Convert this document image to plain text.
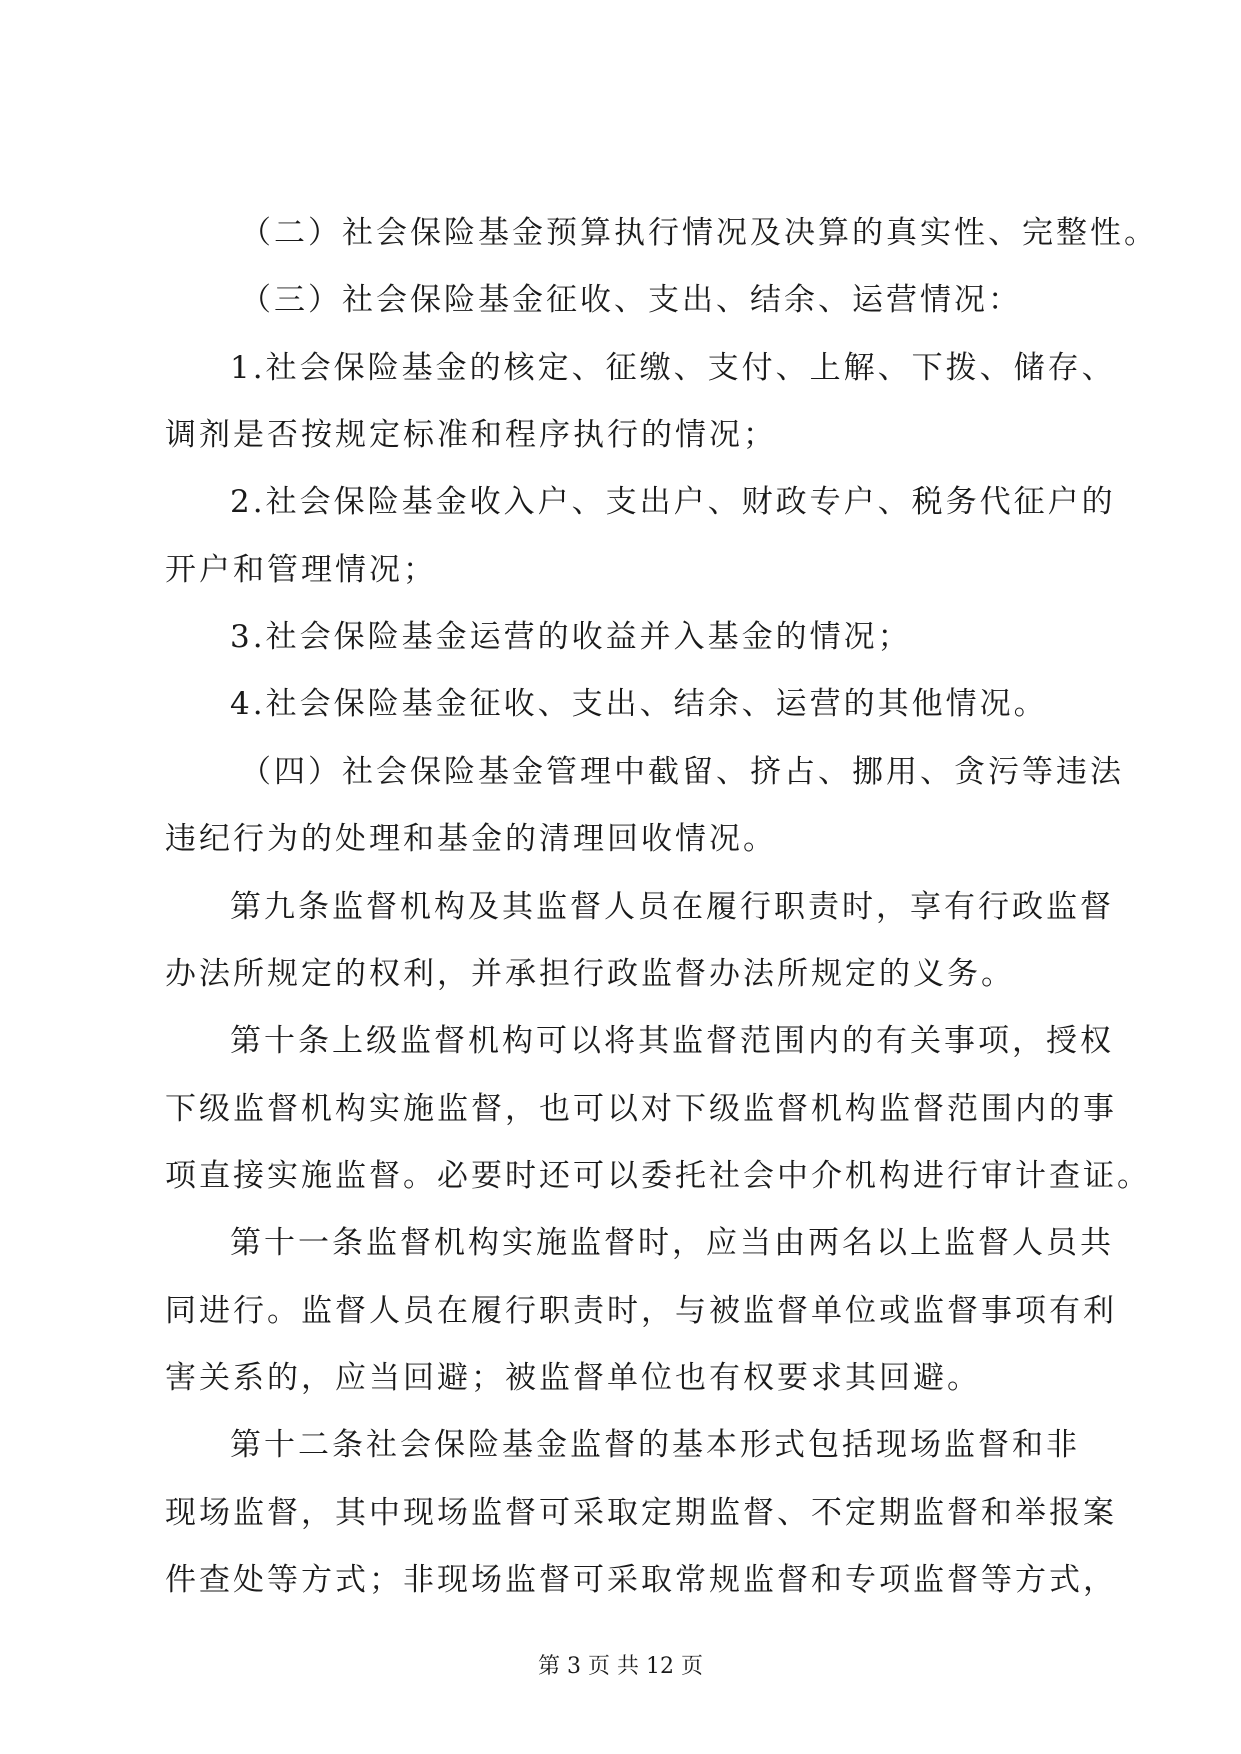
（二）社会保险基金预算执行情况及决算的真实性、完整性。
（三）社会保险基金征收、支出、结余、运营情况：
1.社会保险基金的核定、征缴、支付、上解、下拨、储存、
调剂是否按规定标准和程序执行的情况；
2.社会保险基金收入户、支出户、财政专户、税务代征户的
开户和管理情况；
3.社会保险基金运营的收益并入基金的情况；
4.社会保险基金征收、支出、结余、运营的其他情况。
（四）社会保险基金管理中截留、挤占、挪用、贪污等违法
违纪行为的处理和基金的清理回收情况。
第九条监督机构及其监督人员在履行职责时，享有行政监督
办法所规定的权利，并承担行政监督办法所规定的义务。
第十条上级监督机构可以将其监督范围内的有关事项，授权
下级监督机构实施监督，也可以对下级监督机构监督范围内的事
项直接实施监督。必要时还可以委托社会中介机构进行审计查证。
第十一条监督机构实施监督时，应当由两名以上监督人员共
同进行。监督人员在履行职责时，与被监督单位或监督事项有利
害关系的，应当回避；被监督单位也有权要求其回避。
第十二条社会保险基金监督的基本形式包括现场监督和非
现场监督，其中现场监督可采取定期监督、不定期监督和举报案
件查处等方式；非现场监督可采取常规监督和专项监督等方式，
第 3 页 共 12 页
